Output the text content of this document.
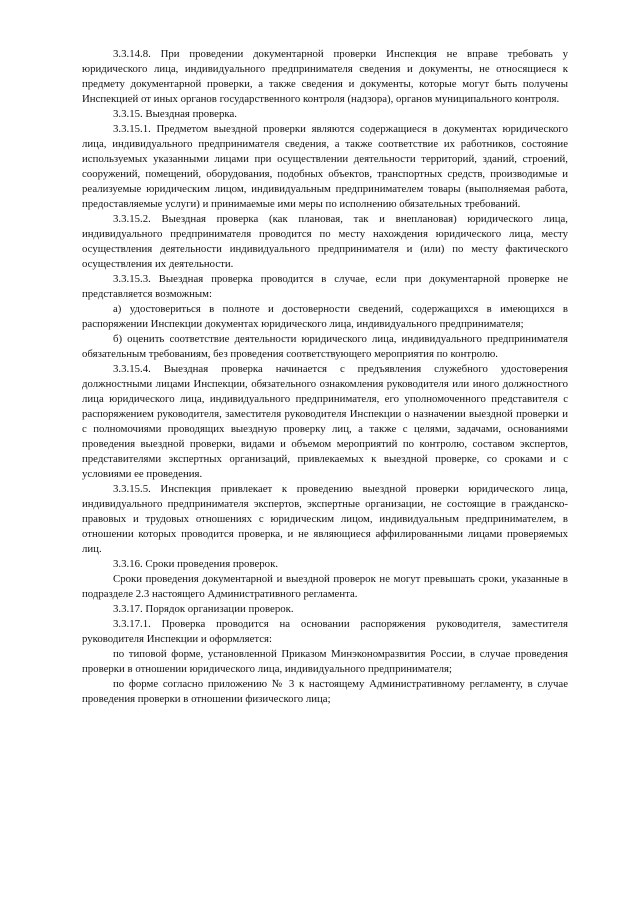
3.3.14.8. При проведении документарной проверки Инспекция не вправе требовать у юридического лица, индивидуального предпринимателя сведения и документы, не относящиеся к предмету документарной проверки, а также сведения и документы, которые могут быть получены Инспекцией от иных органов государственного контроля (надзора), органов муниципального контроля.

3.3.15. Выездная проверка.

3.3.15.1. Предметом выездной проверки являются содержащиеся в документах юридического лица, индивидуального предпринимателя сведения, а также соответствие их работников, состояние используемых указанными лицами при осуществлении деятельности территорий, зданий, строений, сооружений, помещений, оборудования, подобных объектов, транспортных средств, производимые и реализуемые юридическим лицом, индивидуальным предпринимателем товары (выполняемая работа, предоставляемые услуги) и принимаемые ими меры по исполнению обязательных требований.

3.3.15.2. Выездная проверка (как плановая, так и внеплановая) юридического лица, индивидуального предпринимателя проводится по месту нахождения юридического лица, месту осуществления деятельности индивидуального предпринимателя и (или) по месту фактического осуществления их деятельности.

3.3.15.3. Выездная проверка проводится в случае, если при документарной проверке не представляется возможным:

а) удостовериться в полноте и достоверности сведений, содержащихся в имеющихся в распоряжении Инспекции документах юридического лица, индивидуального предпринимателя;

б) оценить соответствие деятельности юридического лица, индивидуального предпринимателя обязательным требованиям, без проведения соответствующего мероприятия по контролю.

3.3.15.4. Выездная проверка начинается с предъявления служебного удостоверения должностными лицами Инспекции, обязательного ознакомления руководителя или иного должностного лица юридического лица, индивидуального предпринимателя, его уполномоченного представителя с распоряжением руководителя, заместителя руководителя Инспекции о назначении выездной проверки и с полномочиями проводящих выездную проверку лиц, а также с целями, задачами, основаниями проведения выездной проверки, видами и объемом мероприятий по контролю, составом экспертов, представителями экспертных организаций, привлекаемых к выездной проверке, со сроками и с условиями ее проведения.

3.3.15.5. Инспекция привлекает к проведению выездной проверки юридического лица, индивидуального предпринимателя экспертов, экспертные организации, не состоящие в гражданско-правовых и трудовых отношениях с юридическим лицом, индивидуальным предпринимателем, в отношении которых проводится проверка, и не являющиеся аффилированными лицами проверяемых лиц.

3.3.16. Сроки проведения проверок.

Сроки проведения документарной и выездной проверок не могут превышать сроки, указанные в подразделе 2.3 настоящего Административного регламента.

3.3.17. Порядок организации проверок.

3.3.17.1. Проверка проводится на основании распоряжения руководителя, заместителя руководителя Инспекции и оформляется:

по типовой форме, установленной Приказом Минэкономразвития России, в случае проведения проверки в отношении юридического лица, индивидуального предпринимателя;

по форме согласно приложению № 3 к настоящему Административному регламенту, в случае проведения проверки в отношении физического лица;
